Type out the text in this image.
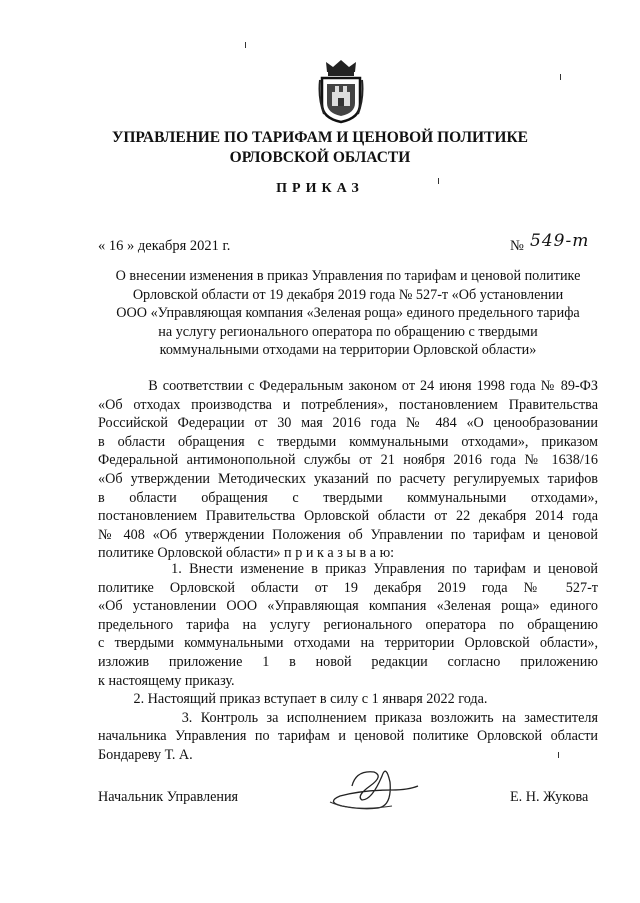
УПРАВЛЕНИЕ ПО ТАРИФАМ И ЦЕНОВОЙ ПОЛИТИКЕ
ОРЛОВСКОЙ ОБЛАСТИ
ПРИКАЗ
« 16 » декабря 2021 г.	№ 549-т
О внесении изменения в приказ Управления по тарифам и ценовой политике
Орловской области от 19 декабря 2019 года № 527-т «Об установлении
ООО «Управляющая компания «Зеленая роща» единого предельного тарифа
на услугу регионального оператора по обращению с твердыми
коммунальными отходами на территории Орловской области»
В соответствии с Федеральным законом от 24 июня 1998 года № 89-ФЗ
«Об отходах производства и потребления», постановлением Правительства
Российской Федерации от 30 мая 2016 года № 484 «О ценообразовании
в области обращения с твердыми коммунальными отходами», приказом
Федеральной антимонопольной службы от 21 ноября 2016 года № 1638/16
«Об утверждении Методических указаний по расчету регулируемых тарифов
в области обращения с твердыми коммунальными отходами»,
постановлением Правительства Орловской области от 22 декабря 2014 года
№ 408 «Об утверждении Положения об Управлении по тарифам и ценовой
политике Орловской области» п р и к а з ы в а ю:
1. Внести изменение в приказ Управления по тарифам и ценовой
политике Орловской области от 19 декабря 2019 года № 527-т
«Об установлении ООО «Управляющая компания «Зеленая роща» единого
предельного тарифа на услугу регионального оператора по обращению
с твердыми коммунальными отходами на территории Орловской области»,
изложив приложение 1 в новой редакции согласно приложению
к настоящему приказу.
2. Настоящий приказ вступает в силу с 1 января 2022 года.
3. Контроль за исполнением приказа возложить на заместителя
начальника Управления по тарифам и ценовой политике Орловской области
Бондареву Т. А.
Начальник Управления	Е. Н. Жукова
